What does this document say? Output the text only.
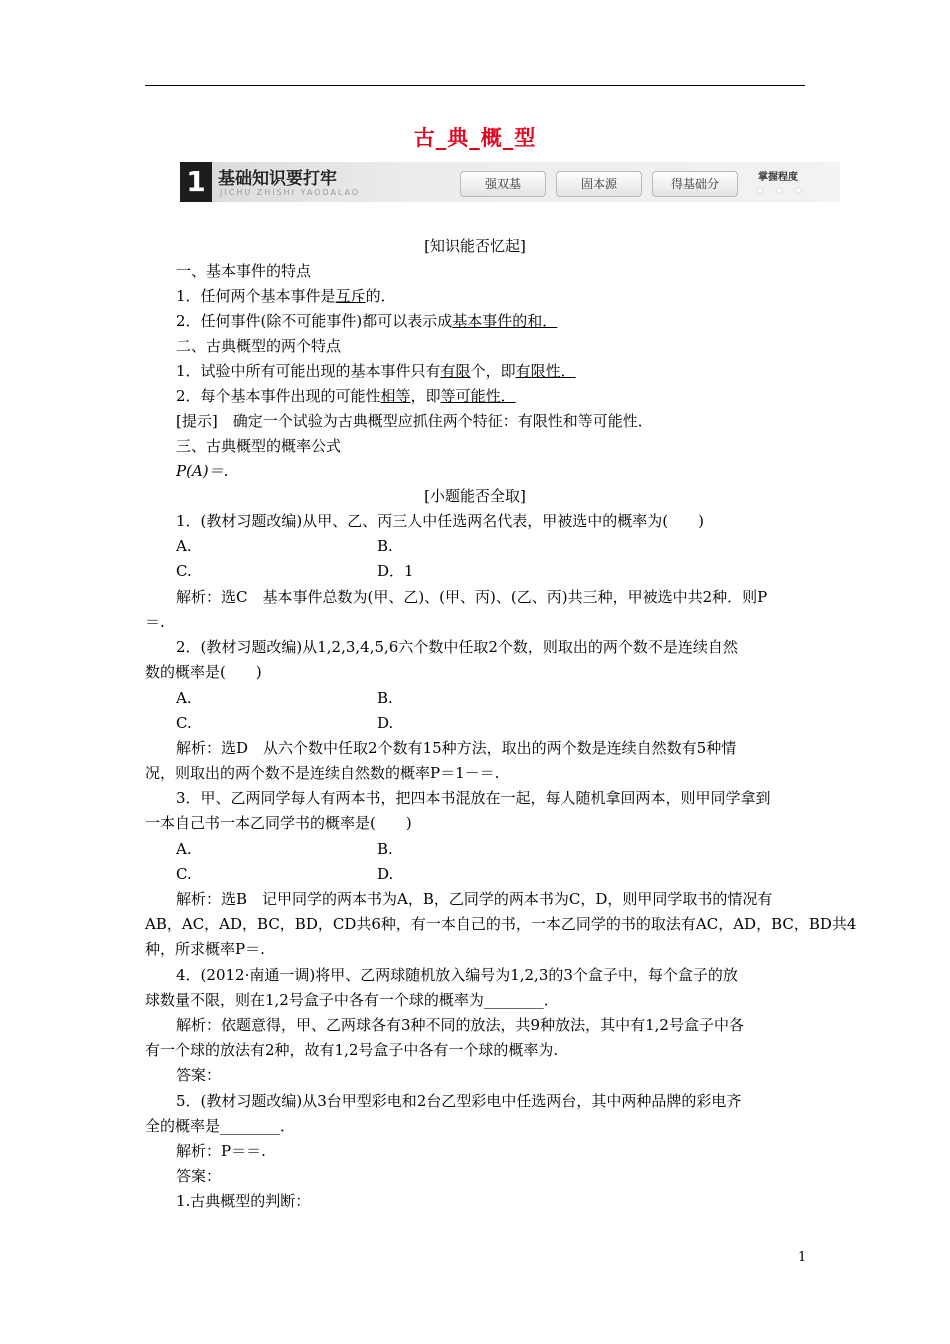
古_典_概_型
1 基础知识要打牢
JICHU ZHISHI YAODALAO
强双基	固本源	得基础分	掌握程度
★ ★ ★
[知识能否忆起]
一、基本事件的特点
1．任何两个基本事件是互斥的．
2．任何事件(除不可能事件)都可以表示成基本事件的和．
二、古典概型的两个特点
1．试验中所有可能出现的基本事件只有有限个，即有限性．
2．每个基本事件出现的可能性相等，即等可能性．
[提示]　确定一个试验为古典概型应抓住两个特征：有限性和等可能性．
三、古典概型的概率公式
P(A)＝.
[小题能否全取]
1．(教材习题改编)从甲、乙、丙三人中任选两名代表，甲被选中的概率为(　　)
A.	B.
C.	D．1
解析：选C　基本事件总数为(甲、乙)、(甲、丙)、(乙、丙)共三种，甲被选中共2种．则P
＝.
2．(教材习题改编)从1,2,3,4,5,6六个数中任取2个数，则取出的两个数不是连续自然
数的概率是(　　)
A.	B.
C.	D.
解析：选D　从六个数中任取2个数有15种方法，取出的两个数是连续自然数有5种情
况，则取出的两个数不是连续自然数的概率P＝1－＝.
3．甲、乙两同学每人有两本书，把四本书混放在一起，每人随机拿回两本，则甲同学拿到
一本自己书一本乙同学书的概率是(　　)
A.	B.
C.	D.
解析：选B　记甲同学的两本书为A，B，乙同学的两本书为C，D，则甲同学取书的情况有
AB，AC，AD，BC，BD，CD共6种，有一本自己的书，一本乙同学的书的取法有AC，AD，BC，BD共4
种，所求概率P＝.
4．(2012·南通一调)将甲、乙两球随机放入编号为1,2,3的3个盒子中，每个盒子的放
球数量不限，则在1,2号盒子中各有一个球的概率为________．
解析：依题意得，甲、乙两球各有3种不同的放法，共9种放法，其中有1,2号盒子中各
有一个球的放法有2种，故有1,2号盒子中各有一个球的概率为.
答案：
5．(教材习题改编)从3台甲型彩电和2台乙型彩电中任选两台，其中两种品牌的彩电齐
全的概率是________．
解析：P＝＝.
答案：
1.古典概型的判断：
1
